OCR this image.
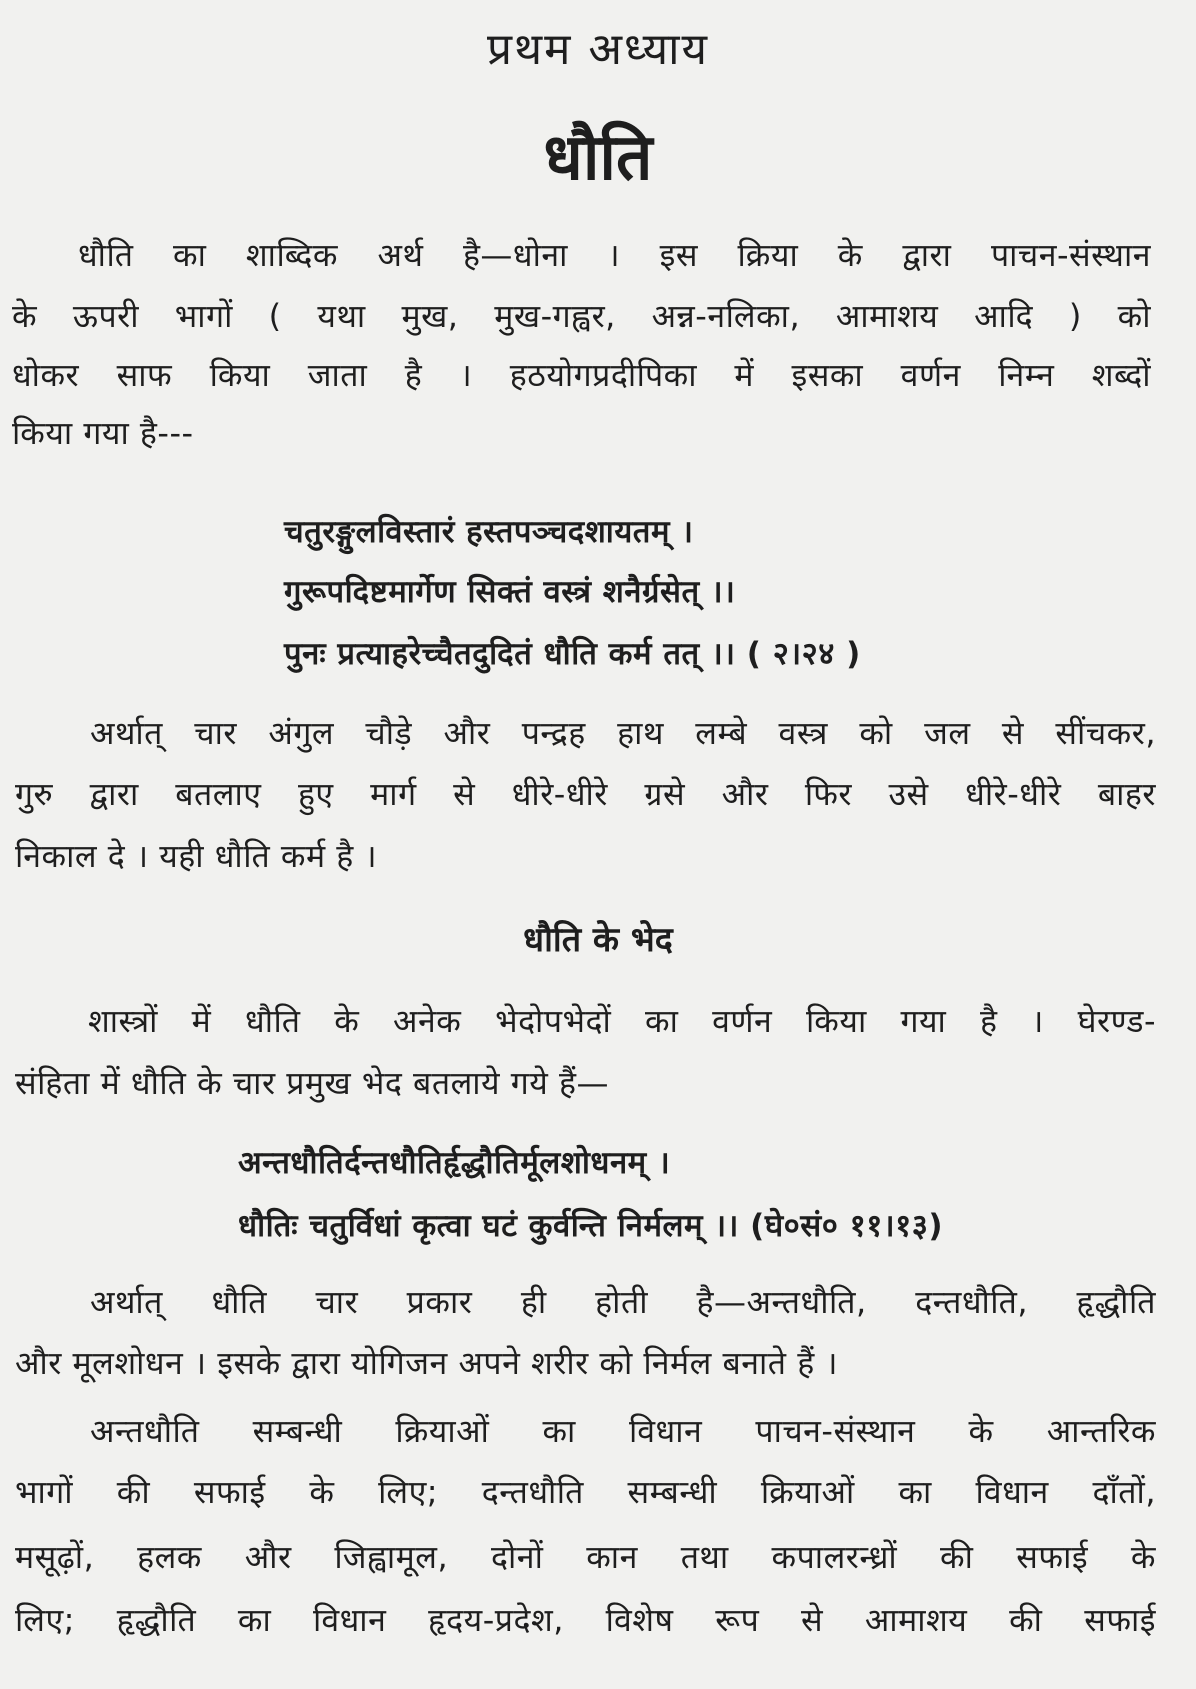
प्रथम अध्याय
धौति
धौति का शाब्दिक अर्थ है—धोना । इस क्रिया के द्वारा पाचन-संस्थान
के ऊपरी भागों ( यथा मुख, मुख-गह्वर, अन्न-नलिका, आमाशय आदि ) को
धोकर साफ किया जाता है । हठयोगप्रदीपिका में इसका वर्णन निम्न शब्दों
किया गया है---
चतुरङ्गुलविस्तारं हस्तपञ्चदशायतम् ।
गुरूपदिष्टमार्गेण सिक्तं वस्त्रं शनैर्ग्रसेत् ।।
पुनः प्रत्याहरेच्चैतदुदितं धौति कर्म तत् ।। ( २।२४ )
अर्थात् चार अंगुल चौड़े और पन्द्रह हाथ लम्बे वस्त्र को जल से सींचकर,
गुरु द्वारा बतलाए हुए मार्ग से धीरे-धीरे ग्रसे और फिर उसे धीरे-धीरे बाहर
निकाल दे । यही धौति कर्म है ।
धौति के भेद
शास्त्रों में धौति के अनेक भेदोपभेदों का वर्णन किया गया है । घेरण्ड-
संहिता में धौति के चार प्रमुख भेद बतलाये गये हैं—
अन्तधौतिर्दन्तधौतिर्हृद्धौतिर्मूलशोधनम् ।
धौतिः चतुर्विधां कृत्वा घटं कुर्वन्ति निर्मलम् ।। (घे०सं० ११।१३)
अर्थात् धौति चार प्रकार ही होती है—अन्तधौति, दन्तधौति, हृद्धौति
और मूलशोधन । इसके द्वारा योगिजन अपने शरीर को निर्मल बनाते हैं ।
अन्तधौति सम्बन्धी क्रियाओं का विधान पाचन-संस्थान के आन्तरिक
भागों की सफाई के लिए; दन्तधौति सम्बन्धी क्रियाओं का विधान दाँतों,
मसूढ़ों, हलक और जिह्वामूल, दोनों कान तथा कपालरन्ध्रों की सफाई के
लिए; हृद्धौति का विधान हृदय-प्रदेश, विशेष रूप से आमाशय की सफाई
